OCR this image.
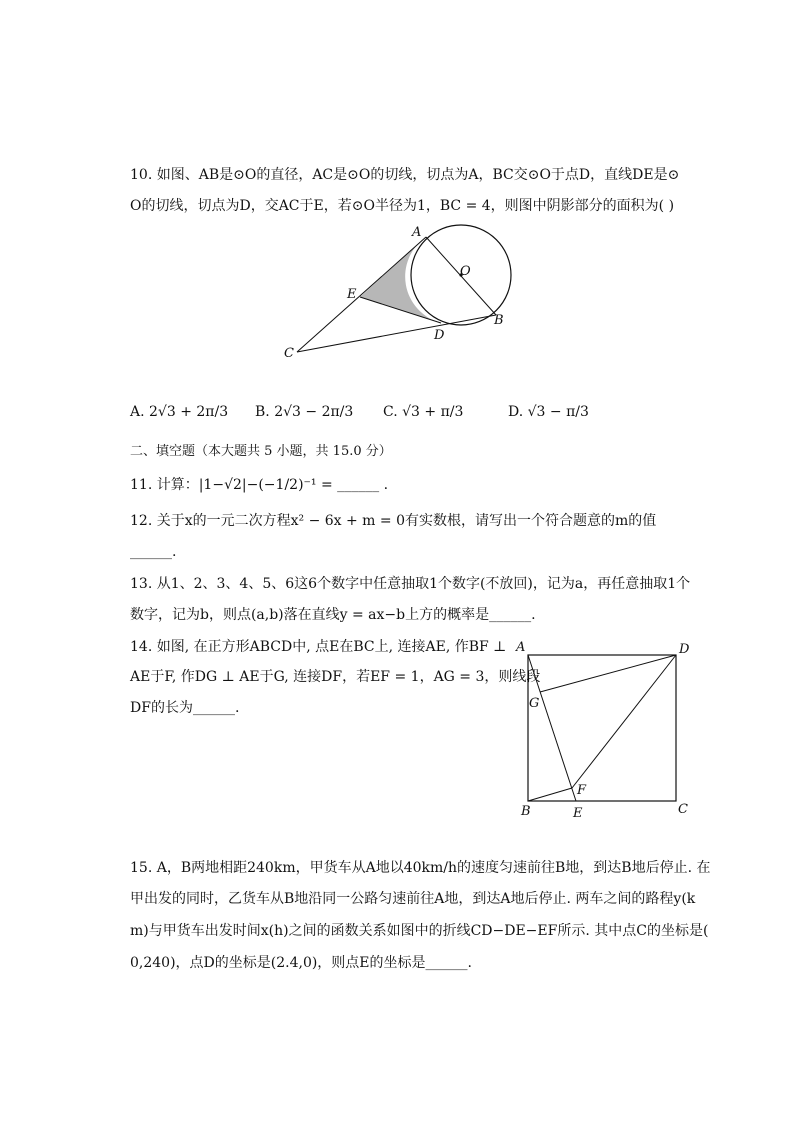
10. 如图、AB是⊙O的直径，AC是⊙O的切线，切点为A，BC交⊙O于点D，直线DE是⊙
O的切线，切点为D，交AC于E，若⊙O半径为1，BC = 4，则图中阴影部分的面积为( )
A
O
E
D
B
C
A	D
G
F
B	E	C
A. 2√3 + 2π/3 B. 2√3 − 2π/3 C. √3 + π/3	D. √3 − π/3
二、填空题（本大题共 5 小题，共 15.0 分）
11. 计算：|1−√2|−(−1/2)⁻¹ = ______ .
12. 关于x的一元二次方程x² − 6x + m = 0有实数根，请写出一个符合题意的m的值
______.
13. 从1、2、3、4、5、6这6个数字中任意抽取1个数字(不放回)，记为a，再任意抽取1个
数字，记为b，则点(a,b)落在直线y = ax−b上方的概率是______.
14. 如图, 在正方形ABCD中, 点E在BC上, 连接AE, 作BF ⊥
AE于F, 作DG ⊥ AE于G, 连接DF，若EF = 1，AG = 3，则线段
DF的长为______.
15. A，B两地相距240km，甲货车从A地以40km/h的速度匀速前往B地，到达B地后停止. 在
甲出发的同时，乙货车从B地沿同一公路匀速前往A地，到达A地后停止. 两车之间的路程y(k
m)与甲货车出发时间x(h)之间的函数关系如图中的折线CD−DE−EF所示. 其中点C的坐标是(
0,240)，点D的坐标是(2.4,0)，则点E的坐标是______.
